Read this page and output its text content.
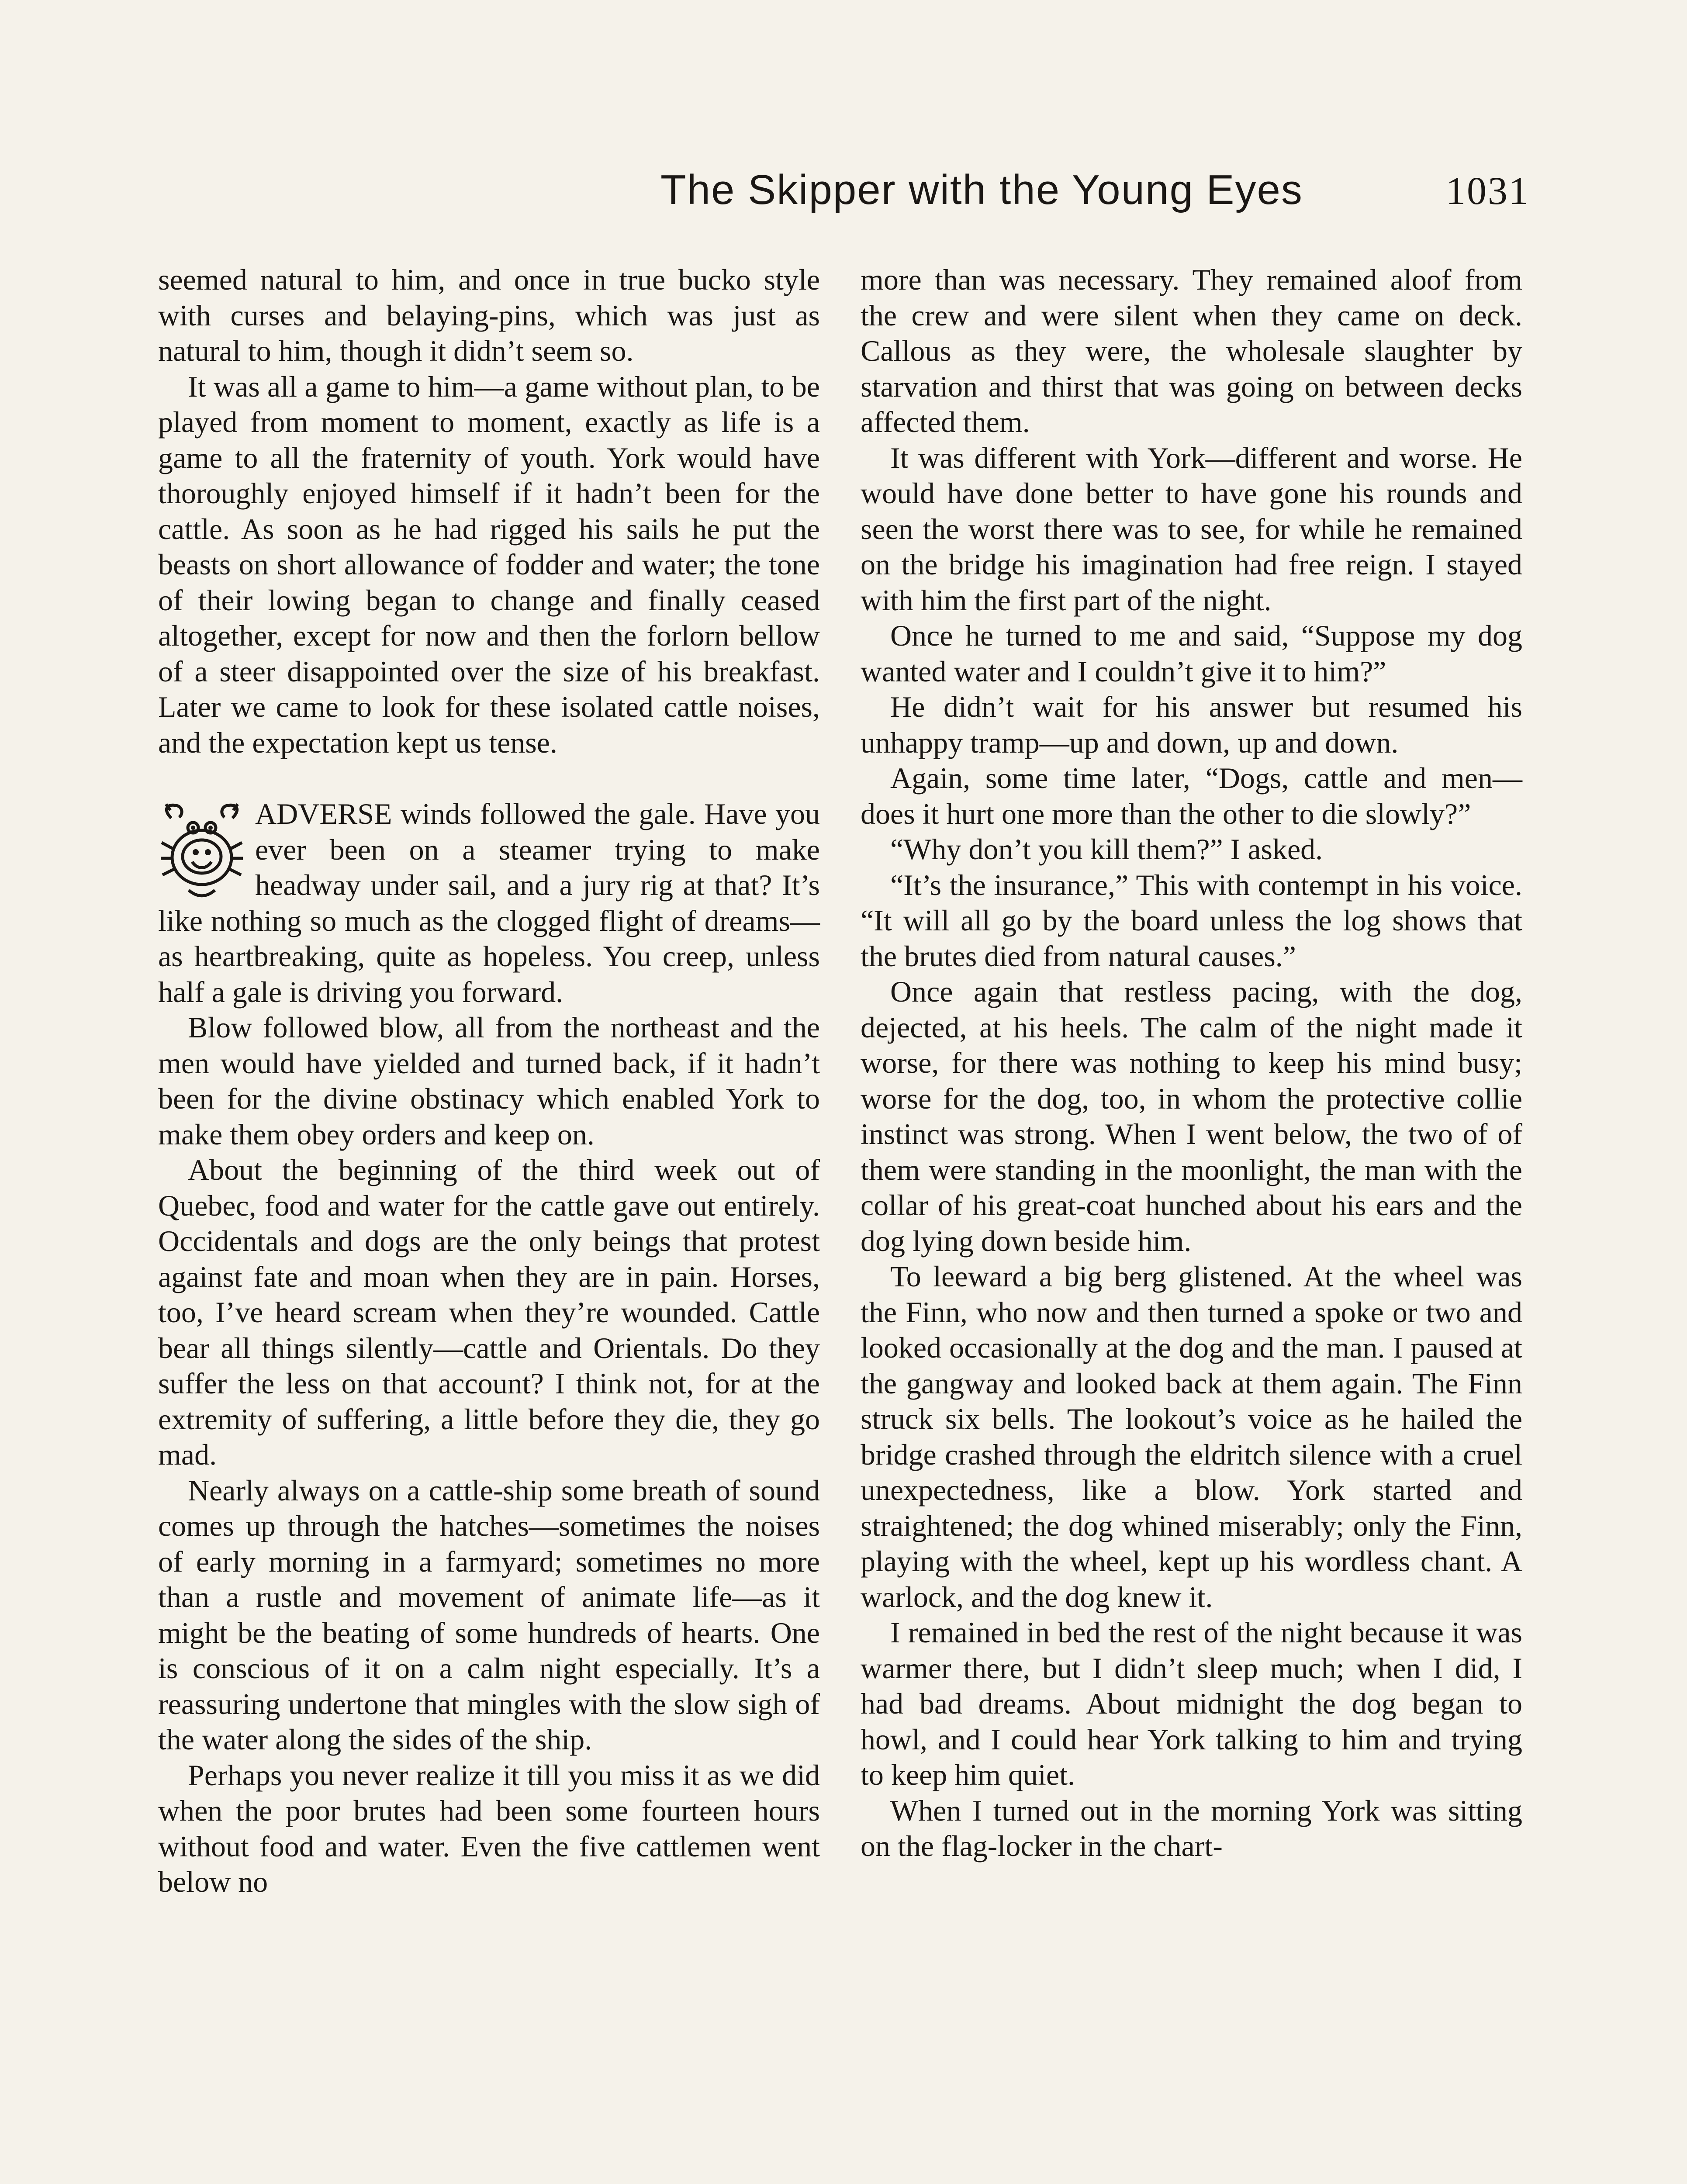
The Skipper with the Young Eyes	1031

seemed natural to him, and once in true bucko style with curses and belaying-pins, which was just as natural to him, though it didn’t seem so.

It was all a game to him—a game without plan, to be played from moment to moment, exactly as life is a game to all the fraternity of youth. York would have thoroughly enjoyed himself if it hadn’t been for the cattle. As soon as he had rigged his sails he put the beasts on short allowance of fodder and water; the tone of their lowing began to change and finally ceased altogether, except for now and then the forlorn bellow of a steer disappointed over the size of his breakfast. Later we came to look for these isolated cattle noises, and the expectation kept us tense.

ADVERSE winds followed the gale. Have you ever been on a steamer trying to make headway under sail, and a jury rig at that? It’s like nothing so much as the clogged flight of dreams—as heartbreaking, quite as hopeless. You creep, unless half a gale is driving you forward.

Blow followed blow, all from the northeast and the men would have yielded and turned back, if it hadn’t been for the divine obstinacy which enabled York to make them obey orders and keep on.

About the beginning of the third week out of Quebec, food and water for the cattle gave out entirely. Occidentals and dogs are the only beings that protest against fate and moan when they are in pain. Horses, too, I’ve heard scream when they’re wounded. Cattle bear all things silently—cattle and Orientals. Do they suffer the less on that account? I think not, for at the extremity of suffering, a little before they die, they go mad.

Nearly always on a cattle-ship some breath of sound comes up through the hatches—sometimes the noises of early morning in a farmyard; sometimes no more than a rustle and movement of animate life—as it might be the beating of some hundreds of hearts. One is conscious of it on a calm night especially. It’s a reassuring undertone that mingles with the slow sigh of the water along the sides of the ship.

Perhaps you never realize it till you miss it as we did when the poor brutes had been some fourteen hours without food and water. Even the five cattlemen went below no

more than was necessary. They remained aloof from the crew and were silent when they came on deck. Callous as they were, the wholesale slaughter by starvation and thirst that was going on between decks affected them.

It was different with York—different and worse. He would have done better to have gone his rounds and seen the worst there was to see, for while he remained on the bridge his imagination had free reign. I stayed with him the first part of the night.

Once he turned to me and said, “Suppose my dog wanted water and I couldn’t give it to him?”

He didn’t wait for his answer but resumed his unhappy tramp—up and down, up and down.

Again, some time later, “Dogs, cattle and men—does it hurt one more than the other to die slowly?”

“Why don’t you kill them?” I asked.

“It’s the insurance,” This with contempt in his voice. “It will all go by the board unless the log shows that the brutes died from natural causes.”

Once again that restless pacing, with the dog, dejected, at his heels. The calm of the night made it worse, for there was nothing to keep his mind busy; worse for the dog, too, in whom the protective collie instinct was strong. When I went below, the two of of them were standing in the moonlight, the man with the collar of his great-coat hunched about his ears and the dog lying down beside him.

To leeward a big berg glistened. At the wheel was the Finn, who now and then turned a spoke or two and looked occasionally at the dog and the man. I paused at the gangway and looked back at them again. The Finn struck six bells. The lookout’s voice as he hailed the bridge crashed through the eldritch silence with a cruel unexpectedness, like a blow. York started and straightened; the dog whined miserably; only the Finn, playing with the wheel, kept up his wordless chant. A warlock, and the dog knew it.

I remained in bed the rest of the night because it was warmer there, but I didn’t sleep much; when I did, I had bad dreams. About midnight the dog began to howl, and I could hear York talking to him and trying to keep him quiet.

When I turned out in the morning York was sitting on the flag-locker in the chart-
